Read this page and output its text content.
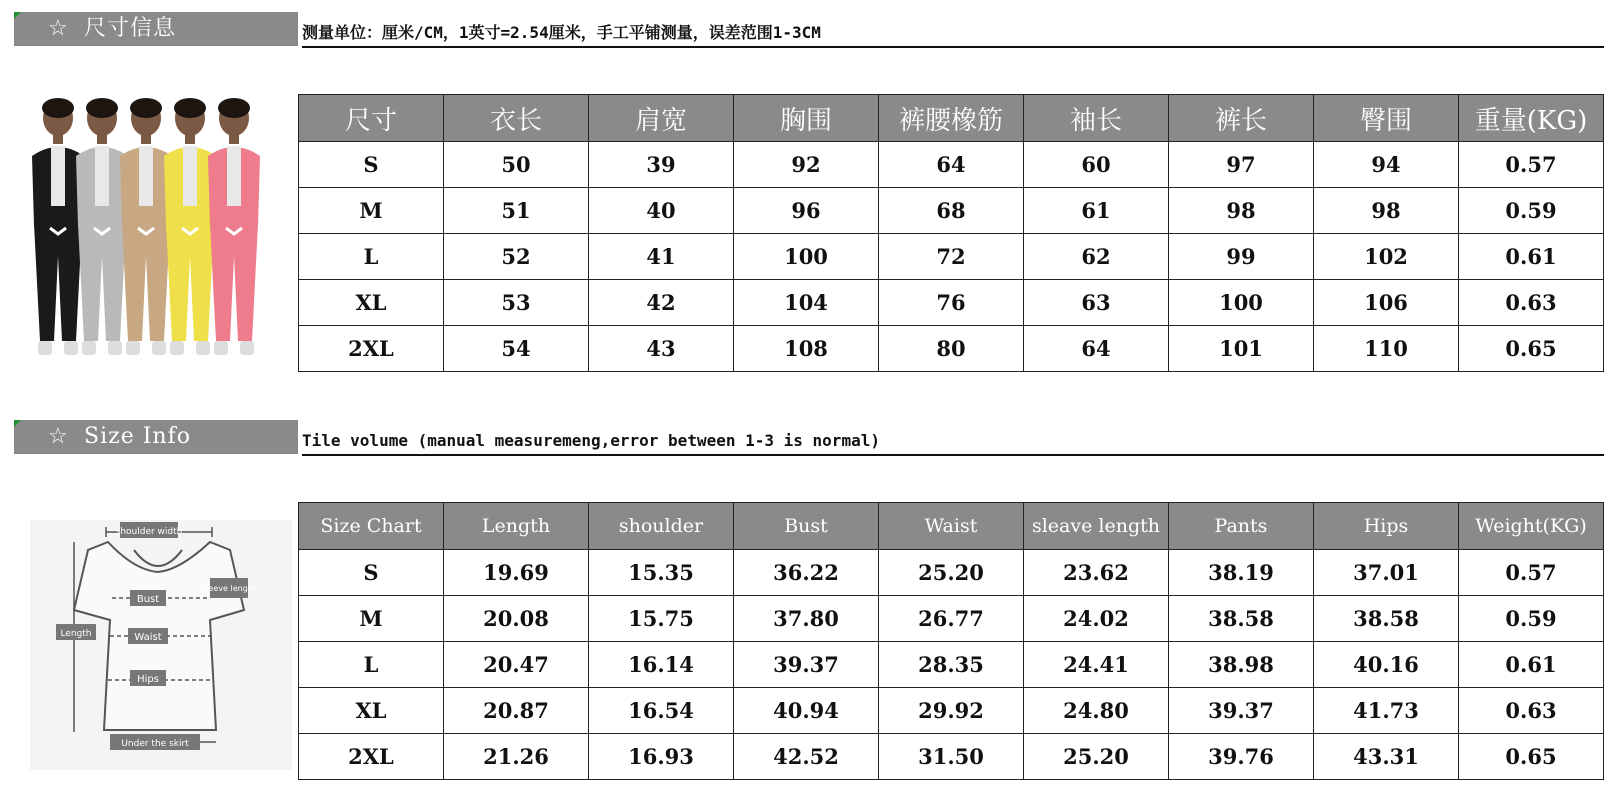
☆ 尺寸信息	测量单位：厘米/CM，1英寸=2.54厘米，手工平铺测量，误差范围1-3CM
尺寸	衣长	肩宽	胸围	裤腰橡筋	袖长	裤长	臀围	重量(KG)
S	50	39	92	64	60	97	94	0.57
M	51	40	96	68	61	98	98	0.59
L	52	41	100	72	62	99	102	0.61
XL	53	42	104	76	63	100	106	0.63
2XL	54	43	108	80	64	101	110	0.65
☆ Size Info	Tile volume (manual measuremeng,error between 1-3 is normal)
shoulder width
sleeve length
Bust
Waist
Length
Hips
Under the skirt
Size Chart	Length	shoulder	Bust	Waist	sleave length	Pants	Hips	Weight(KG)
S	19.69	15.35	36.22	25.20	23.62	38.19	37.01	0.57
M	20.08	15.75	37.80	26.77	24.02	38.58	38.58	0.59
L	20.47	16.14	39.37	28.35	24.41	38.98	40.16	0.61
XL	20.87	16.54	40.94	29.92	24.80	39.37	41.73	0.63
2XL	21.26	16.93	42.52	31.50	25.20	39.76	43.31	0.65
